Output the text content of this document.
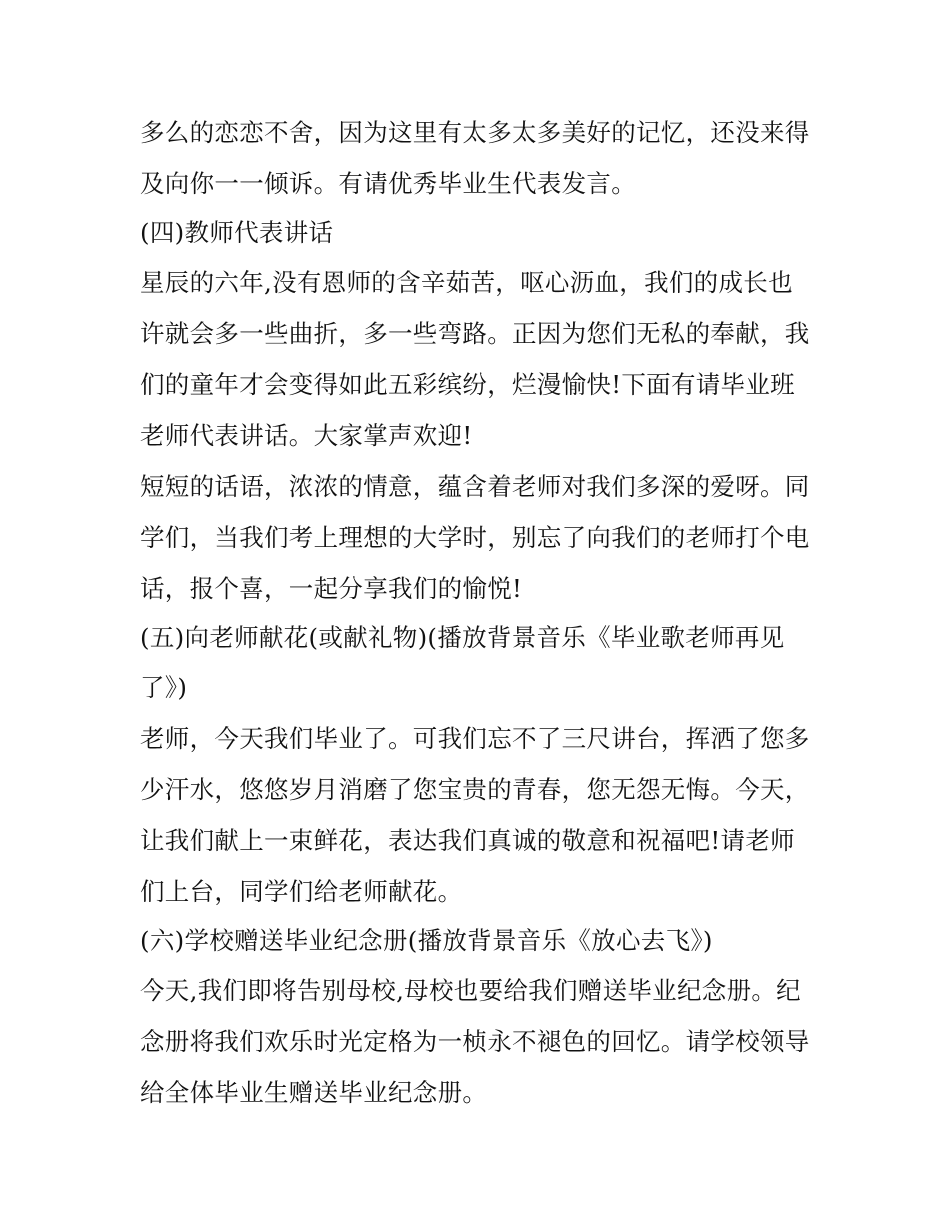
多么的恋恋不舍，因为这里有太多太多美好的记忆，还没来得
及向你一一倾诉。有请优秀毕业生代表发言。
(四)教师代表讲话
星辰的六年,没有恩师的含辛茹苦，呕心沥血，我们的成长也
许就会多一些曲折，多一些弯路。正因为您们无私的奉献，我
们的童年才会变得如此五彩缤纷，烂漫愉快!下面有请毕业班
老师代表讲话。大家掌声欢迎!
短短的话语，浓浓的情意，蕴含着老师对我们多深的爱呀。同
学们，当我们考上理想的大学时，别忘了向我们的老师打个电
话，报个喜，一起分享我们的愉悦!
(五)向老师献花(或献礼物)(播放背景音乐《毕业歌老师再见
了》)
老师，今天我们毕业了。可我们忘不了三尺讲台，挥洒了您多
少汗水，悠悠岁月消磨了您宝贵的青春，您无怨无悔。今天，
让我们献上一束鲜花，表达我们真诚的敬意和祝福吧!请老师
们上台，同学们给老师献花。
(六)学校赠送毕业纪念册(播放背景音乐《放心去飞》)
今天,我们即将告别母校,母校也要给我们赠送毕业纪念册。纪
念册将我们欢乐时光定格为一桢永不褪色的回忆。请学校领导
给全体毕业生赠送毕业纪念册。
